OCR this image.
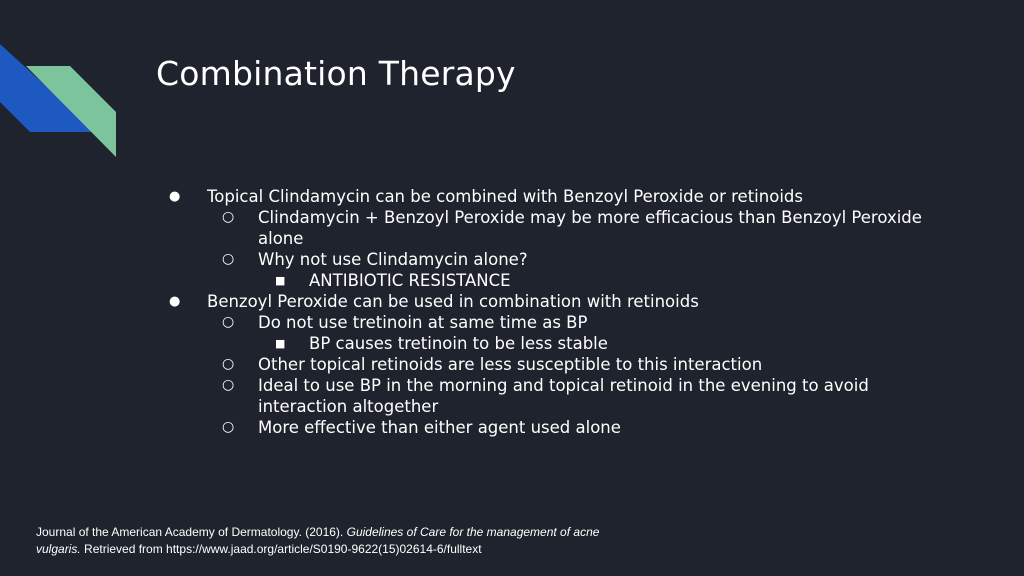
Combination Therapy
● Topical Clindamycin can be combined with Benzoyl Peroxide or retinoids
○ Clindamycin + Benzoyl Peroxide may be more efficacious than Benzoyl Peroxide alone
○ Why not use Clindamycin alone?
■ ANTIBIOTIC RESISTANCE
● Benzoyl Peroxide can be used in combination with retinoids
○ Do not use tretinoin at same time as BP
■ BP causes tretinoin to be less stable
○ Other topical retinoids are less susceptible to this interaction
○ Ideal to use BP in the morning and topical retinoid in the evening to avoid interaction altogether
○ More effective than either agent used alone
Journal of the American Academy of Dermatology. (2016). Guidelines of Care for the management of acne vulgaris. Retrieved from https://www.jaad.org/article/S0190-9622(15)02614-6/fulltext
